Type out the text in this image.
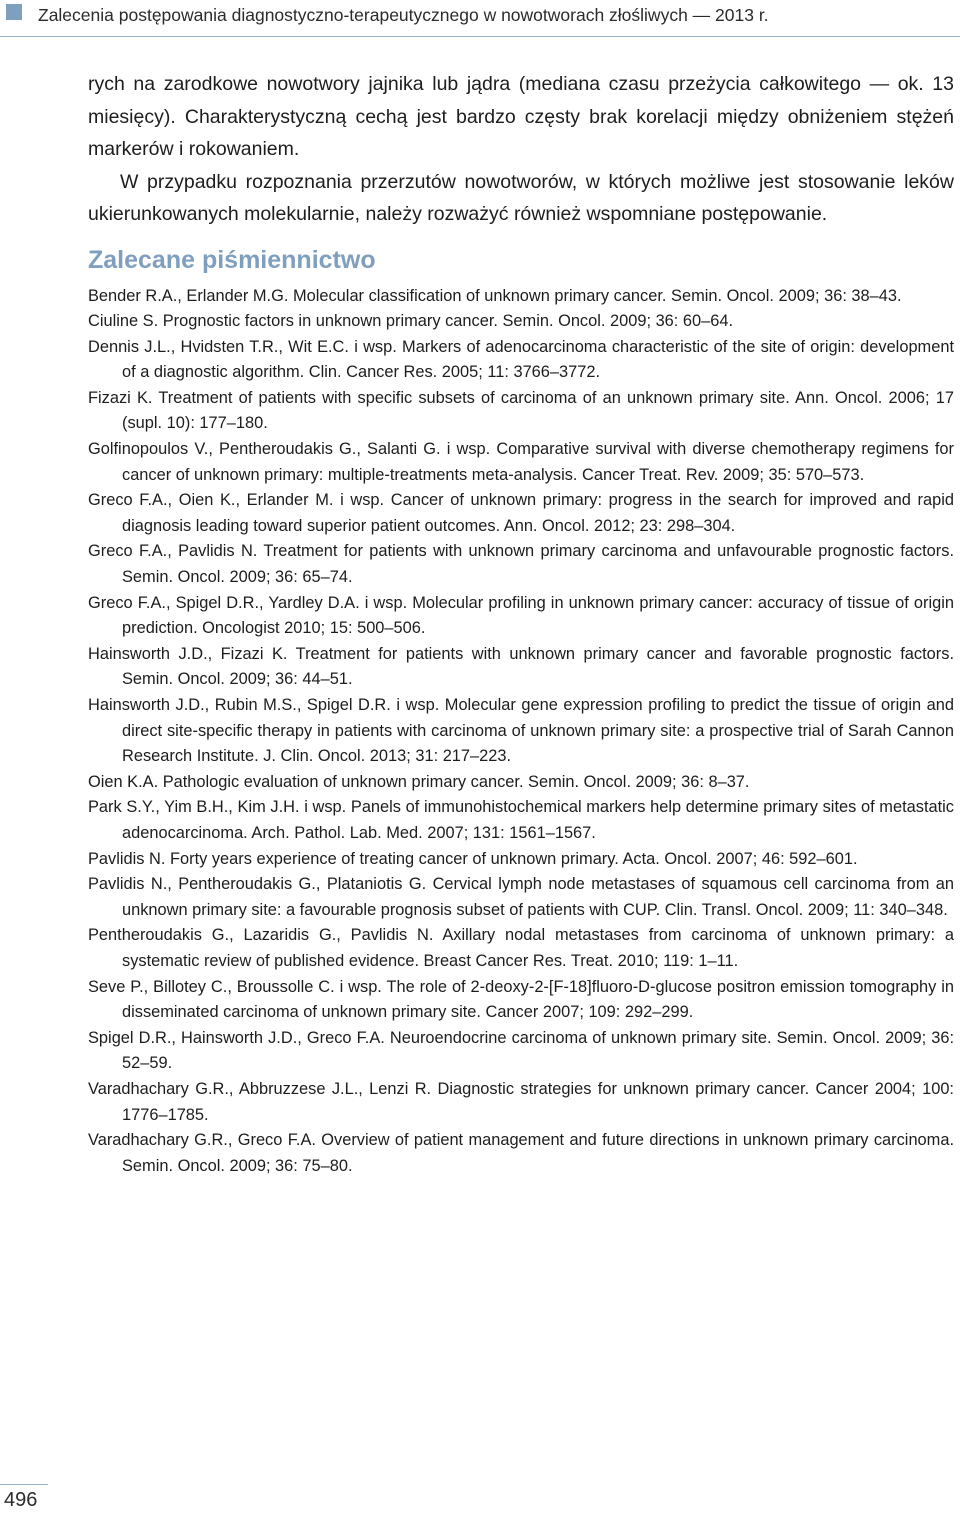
Zalecenia postępowania diagnostyczno-terapeutycznego w nowotworach złośliwych — 2013 r.

rych na zarodkowe nowotwory jajnika lub jądra (mediana czasu przeżycia całkowitego — ok. 13 miesięcy). Charakterystyczną cechą jest bardzo częsty brak korelacji między obniżeniem stężeń markerów i rokowaniem.

W przypadku rozpoznania przerzutów nowotworów, w których możliwe jest stosowanie leków ukierunkowanych molekularnie, należy rozważyć również wspomniane postępowanie.

Zalecane piśmiennictwo

Bender R.A., Erlander M.G. Molecular classification of unknown primary cancer. Semin. Oncol. 2009; 36: 38–43.

Ciuline S. Prognostic factors in unknown primary cancer. Semin. Oncol. 2009; 36: 60–64.

Dennis J.L., Hvidsten T.R., Wit E.C. i wsp. Markers of adenocarcinoma characteristic of the site of origin: development of a diagnostic algorithm. Clin. Cancer Res. 2005; 11: 3766–3772.

Fizazi K. Treatment of patients with specific subsets of carcinoma of an unknown primary site. Ann. Oncol. 2006; 17 (supl. 10): 177–180.

Golfinopoulos V., Pentheroudakis G., Salanti G. i wsp. Comparative survival with diverse chemotherapy regimens for cancer of unknown primary: multiple-treatments meta-analysis. Cancer Treat. Rev. 2009; 35: 570–573.

Greco F.A., Oien K., Erlander M. i wsp. Cancer of unknown primary: progress in the search for improved and rapid diagnosis leading toward superior patient outcomes. Ann. Oncol. 2012; 23: 298–304.

Greco F.A., Pavlidis N. Treatment for patients with unknown primary carcinoma and unfavourable prognostic factors. Semin. Oncol. 2009; 36: 65–74.

Greco F.A., Spigel D.R., Yardley D.A. i wsp. Molecular profiling in unknown primary cancer: accuracy of tissue of origin prediction. Oncologist 2010; 15: 500–506.

Hainsworth J.D., Fizazi K. Treatment for patients with unknown primary cancer and favorable prognostic factors. Semin. Oncol. 2009; 36: 44–51.

Hainsworth J.D., Rubin M.S., Spigel D.R. i wsp. Molecular gene expression profiling to predict the tissue of origin and direct site-specific therapy in patients with carcinoma of unknown primary site: a prospective trial of Sarah Cannon Research Institute. J. Clin. Oncol. 2013; 31: 217–223.

Oien K.A. Pathologic evaluation of unknown primary cancer. Semin. Oncol. 2009; 36: 8–37.

Park S.Y., Yim B.H., Kim J.H. i wsp. Panels of immunohistochemical markers help determine primary sites of metastatic adenocarcinoma. Arch. Pathol. Lab. Med. 2007; 131: 1561–1567.

Pavlidis N. Forty years experience of treating cancer of unknown primary. Acta. Oncol. 2007; 46: 592–601.

Pavlidis N., Pentheroudakis G., Plataniotis G. Cervical lymph node metastases of squamous cell carcinoma from an unknown primary site: a favourable prognosis subset of patients with CUP. Clin. Transl. Oncol. 2009; 11: 340–348.

Pentheroudakis G., Lazaridis G., Pavlidis N. Axillary nodal metastases from carcinoma of unknown primary: a systematic review of published evidence. Breast Cancer Res. Treat. 2010; 119: 1–11.

Seve P., Billotey C., Broussolle C. i wsp. The role of 2-deoxy-2-[F-18]fluoro-D-glucose positron emission tomography in disseminated carcinoma of unknown primary site. Cancer 2007; 109: 292–299.

Spigel D.R., Hainsworth J.D., Greco F.A. Neuroendocrine carcinoma of unknown primary site. Semin. Oncol. 2009; 36: 52–59.

Varadhachary G.R., Abbruzzese J.L., Lenzi R. Diagnostic strategies for unknown primary cancer. Cancer 2004; 100: 1776–1785.

Varadhachary G.R., Greco F.A. Overview of patient management and future directions in unknown primary carcinoma. Semin. Oncol. 2009; 36: 75–80.

496
